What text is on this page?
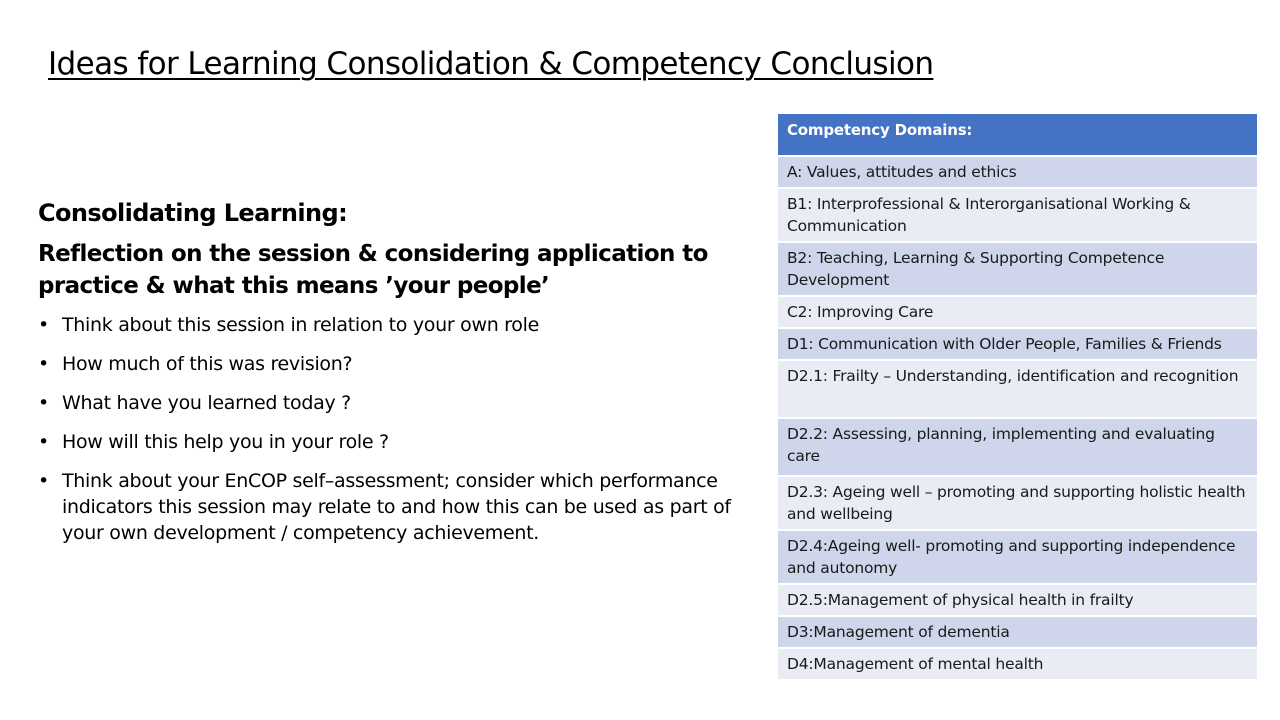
Ideas for Learning Consolidation & Competency Conclusion
Consolidating Learning:
Reflection on the session & considering application to practice & what this means ’your people’
• Think about this session in relation to your own role
• How much of this was revision?
• What have you learned today ?
• How will this help you in your role ?
• Think about your EnCOP self–assessment; consider which performance indicators this session may relate to and how this can be used as part of your own development / competency achievement.
Competency Domains:
A: Values, attitudes and ethics
B1: Interprofessional & Interorganisational Working & Communication
B2: Teaching, Learning & Supporting Competence Development
C2: Improving Care
D1: Communication with Older People, Families & Friends
D2.1: Frailty – Understanding, identification and recognition
D2.2: Assessing, planning, implementing and evaluating care
D2.3: Ageing well – promoting and supporting holistic health and wellbeing
D2.4:Ageing well- promoting and supporting independence and autonomy
D2.5:Management of physical health in frailty
D3:Management of dementia
D4:Management of mental health
